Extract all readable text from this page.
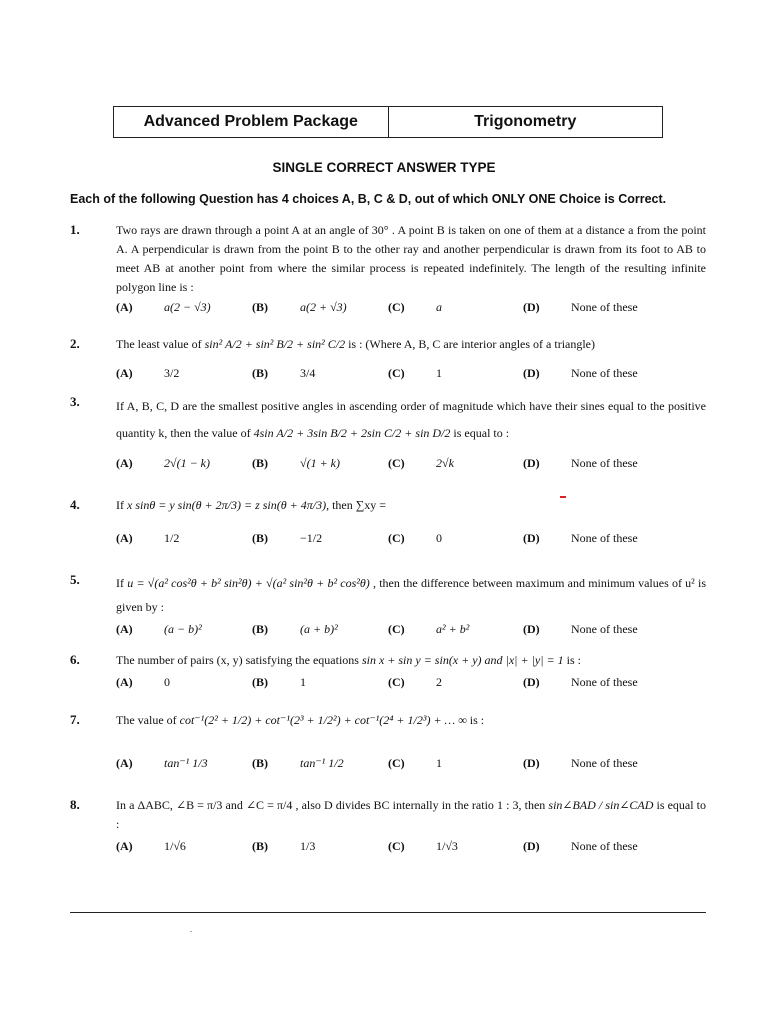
Advanced Problem Package	Trigonometry
SINGLE CORRECT ANSWER TYPE
Each of the following Question has 4 choices A, B, C & D, out of which ONLY ONE Choice is Correct.
1.	Two rays are drawn through a point A at an angle of 30° . A point B is taken on one of them at a distance a from the point A. A perpendicular is drawn from the point B to the other ray and another perpendicular is drawn from its foot to AB to meet AB at another point from where the similar process is repeated indefinitely. The length of the resulting infinite polygon line is :
(A)	a(2 − √3)	(B)	a(2 + √3)	(C)	a	(D)	None of these
2.	The least value of sin² A/2 + sin² B/2 + sin² C/2 is : (Where A, B, C are interior angles of a triangle)
(A)	3/2	(B)	3/4	(C)	1	(D)	None of these
3.	If A, B, C, D are the smallest positive angles in ascending order of magnitude which have their sines equal to the positive quantity k, then the value of 4sin A/2 + 3sin B/2 + 2sin C/2 + sin D/2 is equal to :
(A)	2√(1 − k)	(B)	√(1 + k)	(C)	2√k	(D)	None of these
4.	If x sinθ = y sin(θ + 2π/3) = z sin(θ + 4π/3), then ∑xy =
(A)	1/2	(B)	−1/2	(C)	0	(D)	None of these
5.	If u = √(a² cos²θ + b² sin²θ) + √(a² sin²θ + b² cos²θ) , then the difference between maximum and minimum values of u² is given by :
(A)	(a − b)²	(B)	(a + b)²	(C)	a² + b²	(D)	None of these
6.	The number of pairs (x, y) satisfying the equations sin x + sin y = sin(x + y) and |x| + |y| = 1 is :
(A)	0	(B)	1	(C)	2	(D)	None of these
7.	The value of cot⁻¹(2² + 1/2) + cot⁻¹(2³ + 1/2²) + cot⁻¹(2⁴ + 1/2³) + … ∞ is :
(A)	tan⁻¹ 1/3	(B)	tan⁻¹ 1/2	(C)	1	(D)	None of these
8.	In a ΔABC, ∠B = π/3 and ∠C = π/4 , also D divides BC internally in the ratio 1 : 3, then sin∠BAD / sin∠CAD is equal to :
(A)	1/√6	(B)	1/3	(C)	1/√3	(D)	None of these
.
